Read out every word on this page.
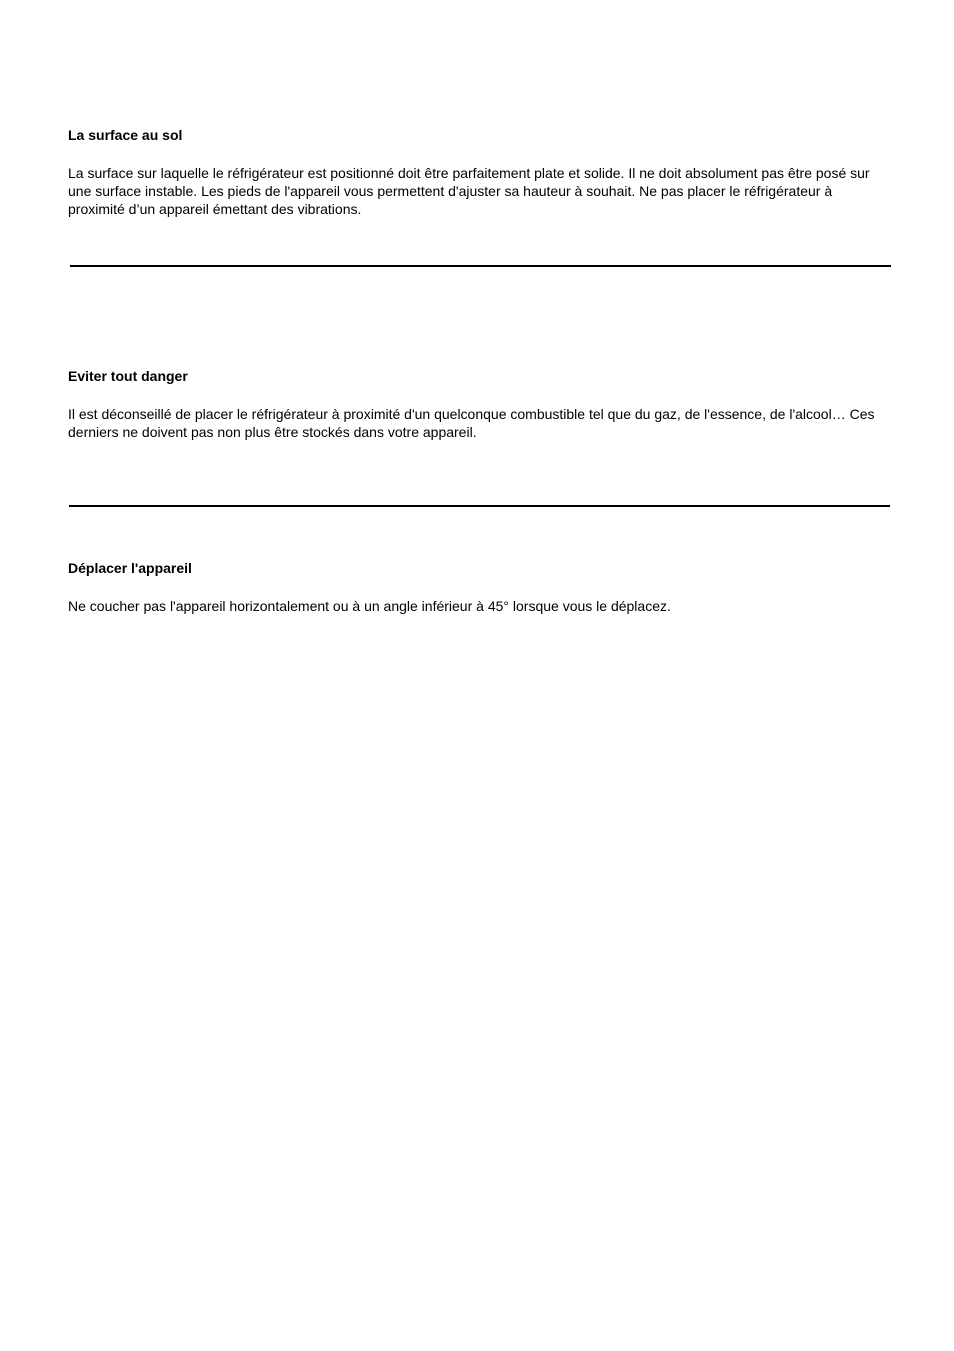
La surface au sol

La surface sur laquelle le réfrigérateur est positionné doit être parfaitement plate et solide. Il ne doit absolument pas être posé sur une surface instable. Les pieds de l'appareil vous permettent d'ajuster sa hauteur à souhait. Ne pas placer le réfrigérateur à proximité d’un appareil émettant des vibrations.

Eviter tout danger

Il est déconseillé de placer le réfrigérateur à proximité d'un quelconque combustible tel que du gaz, de l'essence, de l'alcool… Ces derniers ne doivent pas non plus être stockés dans votre appareil.

Déplacer l'appareil

Ne coucher pas l'appareil horizontalement ou à un angle inférieur à 45° lorsque vous le déplacez.
